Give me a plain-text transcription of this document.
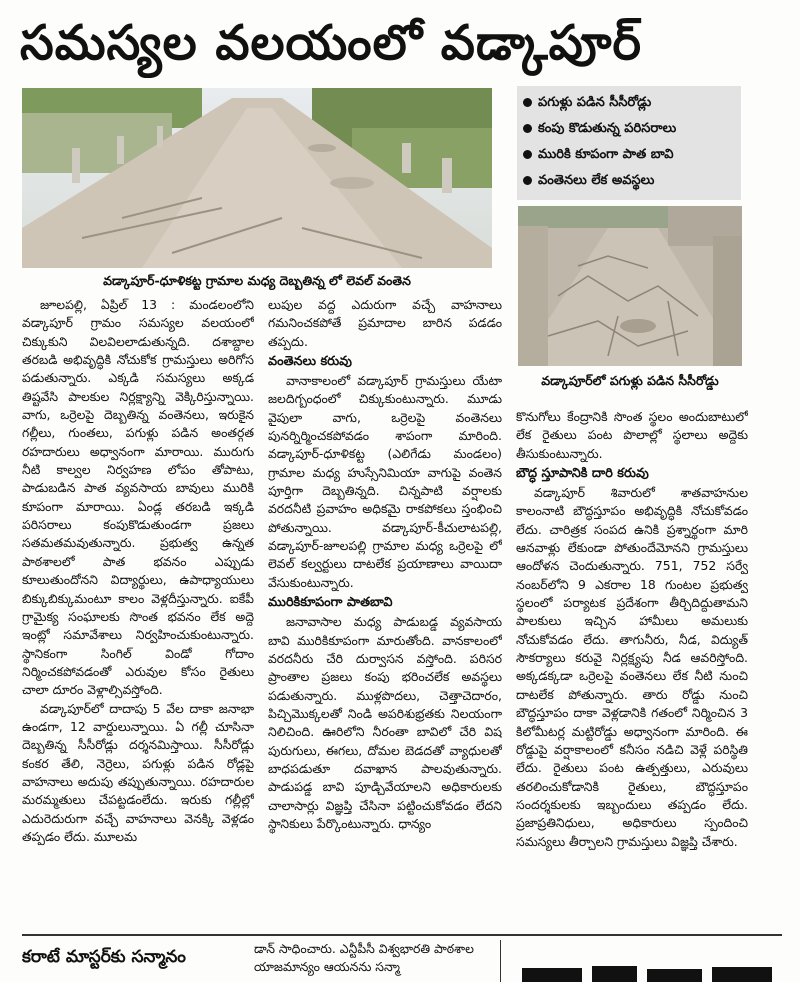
సమస్యల వలయంలో వడ్కాపూర్
వడ్కాపూర్-ధూళికట్ట గ్రామాల మధ్య దెబ్బతిన్న లో లెవల్ వంతెన
పగుళ్లు పడిన సీసీరోడ్లు
కంపు కొడుతున్న పరిసరాలు
మురికి కూపంగా పాత బావి
వంతెనలు లేక అవస్థలు
వడ్కాపూర్‌లో పగుళ్లు పడిన సీసీరోడ్డు

జూలపల్లి, ఏప్రిల్ 13 : మండలంలోని వడ్కాపూర్ గ్రామం సమస్యల వలయంలో చిక్కుకుని విలవిలలాడుతున్నది. దశాబ్దాల తరబడి అభివృద్ధికి నోచుకోక గ్రామస్తులు అరిగోస పడుతున్నారు. ఎక్కడి సమస్యలు అక్కడ తిష్టవేసి పాలకుల నిర్లక్ష్యాన్ని వెక్కిరిస్తున్నాయి. వాగు, ఒర్రెలపై దెబ్బతిన్న వంతెనలు, ఇరుకైన గల్లీలు, గుంతలు, పగుళ్లు పడిన అంతర్గత రహదారులు అధ్వానంగా మారాయి. మురుగు నీటి కాల్వల నిర్వహణ లోపం తోపాటు, పాడుబడిన పాత వ్యవసాయ బావులు మురికి కూపంగా మారాయి. ఏండ్ల తరబడి ఇక్కడి పరిసరాలు కంపుకొడుతుండగా ప్రజలు సతమతమవుతున్నారు. ప్రభుత్వ ఉన్నత పాఠశాలలో పాత భవనం ఎప్పుడు కూలుతుందోనని విద్యార్థులు, ఉపాధ్యాయులు బిక్కుబిక్కుమంటూ కాలం వెళ్లదీస్తున్నారు. ఐకేపీ గ్రామైక్య సంఘాలకు సొంత భవనం లేక అద్దె ఇంట్లో సమావేశాలు నిర్వహించుకుంటున్నారు. స్థానికంగా సింగిల్ విండో గోదాం నిర్మించకపోవడంతో ఎరువుల కోసం రైతులు చాలా దూరం వెళ్లాల్సివస్తోంది.

వడ్కాపూర్‌లో దాదాపు 5 వేల దాకా జనాభా ఉండగా, 12 వార్డులున్నాయి. ఏ గల్లీ చూసినా దెబ్బతిన్న సీసీరోడ్లు దర్శనమిస్తాయి. సీసీరోడ్లు కంకర తేలి, నెర్రెలు, పగుళ్లు పడిన రోడ్లపై వాహనాలు అదుపు తప్పుతున్నాయి. రహదారుల మరమ్మతులు చేపట్టడంలేదు. ఇరుకు గల్లీల్లో ఎదురెదురుగా వచ్చే వాహనాలు వెనక్కి వెళ్లడం తప్పడం లేదు. మూలమ

లుపుల వద్ద ఎదురుగా వచ్చే వాహనాలు గమనించకపోతే ప్రమాదాల బారిన పడడం తప్పదు.

వంతెనలు కరువు

వానాకాలంలో వడ్కాపూర్ గ్రామస్తులు యేటా జలదిగ్బంధంలో చిక్కుకుంటున్నారు. మూడు వైపులా వాగు, ఒర్రెలపై వంతెనలు పునర్నిర్మించకపోవడం శాపంగా మారింది. వడ్కాపూర్-ధూళికట్ట (ఎలిగేడు మండలం) గ్రామాల మధ్య హుస్సేనిమియా వాగుపై వంతెన పూర్తిగా దెబ్బతిన్నది. చిన్నపాటి వర్షాలకు వరదనీటి ప్రవాహం అధికమై రాకపోకలు స్తంభించి పోతున్నాయి. వడ్కాపూర్-కీచులాటపల్లి, వడ్కాపూర్-జూలపల్లి గ్రామాల మధ్య ఒర్రెలపై లో లెవల్ కల్వర్టులు దాటలేక ప్రయాణాలు వాయిదా వేసుకుంటున్నారు.

మురికికూపంగా పాతబావి

జనావాసాల మధ్య పాడుబడ్డ వ్యవసాయ బావి మురికికూపంగా మారుతోంది. వానకాలంలో వరదనీరు చేరి దుర్వాసన వస్తోంది. పరిసర ప్రాంతాల ప్రజలు కంపు భరించలేక అవస్థలు పడుతున్నారు. ముళ్లపొదలు, చెత్తాచెదారం, పిచ్చిమొక్కలతో నిండి అపరిశుభ్రతకు నిలయంగా నిలిచింది. ఊరిలోని నీరంతా బావిలో చేరి విష పురుగులు, ఈగలు, దోమల బెడదతో వ్యాధులతో బాధపడుతూ దవాఖాన పాలవుతున్నారు. పాడుపడ్డ బావి పూడ్చివేయాలని అధికారులకు చాలాసార్లు విజ్ఞప్తి చేసినా పట్టించుకోవడం లేదని స్థానికులు పేర్కొంటున్నారు. ధాన్యం

కొనుగోలు కేంద్రానికి సొంత స్థలం అందుబాటులో లేక రైతులు పంట పొలాల్లో స్థలాలు అద్దెకు తీసుకుంటున్నారు.

బౌద్ధ స్తూపానికి దారి కరువు

వడ్కాపూర్ శివారులో శాతవాహనుల కాలంనాటి బౌద్ధస్తూపం అభివృద్ధికి నోచుకోవడం లేదు. చారిత్రక సంపద ఉనికి ప్రశ్నార్థంగా మారి ఆనవాళ్లు లేకుండా పోతుందేమోనని గ్రామస్తులు ఆందోళన చెందుతున్నారు. 751, 752 సర్వే నంబర్‌లోని 9 ఎకరాల 18 గుంటల ప్రభుత్వ స్థలంలో పర్యాటక ప్రదేశంగా తీర్చిదిద్దుతామని పాలకులు ఇచ్చిన హామీలు అమలుకు నోచుకోవడం లేదు. తాగునీరు, నీడ, విద్యుత్ సౌకర్యాలు కరువై నిర్లక్ష్యపు నీడ ఆవరిస్తోంది. అక్కడక్కడా ఒర్రెలపై వంతెనలు లేక నీటి నుంచి దాటలేక పోతున్నారు. తారు రోడ్డు నుంచి బౌద్ధస్తూపం దాకా వెళ్లడానికి గతంలో నిర్మించిన 3 కిలోమీటర్ల మట్టిరోడ్డు అధ్వానంగా మారింది. ఈ రోడ్డుపై వర్షాకాలంలో కనీసం నడిచి వెళ్లే పరిస్థితి లేదు. రైతులు పంట ఉత్పత్తులు, ఎరువులు తరలించుకోడానికి రైతులు, బౌద్ధస్తూపం సందర్శకులకు ఇబ్బందులు తప్పడం లేదు. ప్రజాప్రతినిధులు, అధికారులు స్పందించి సమస్యలు తీర్చాలని గ్రామస్తులు విజ్ఞప్తి చేశారు.

కరాటే మాస్టర్‌కు సన్మానం	డాన్ సాధించారు. ఎన్టీపీసీ విశ్వభారతి పాఠశాల యాజమాన్యం ఆయనను సన్మా
